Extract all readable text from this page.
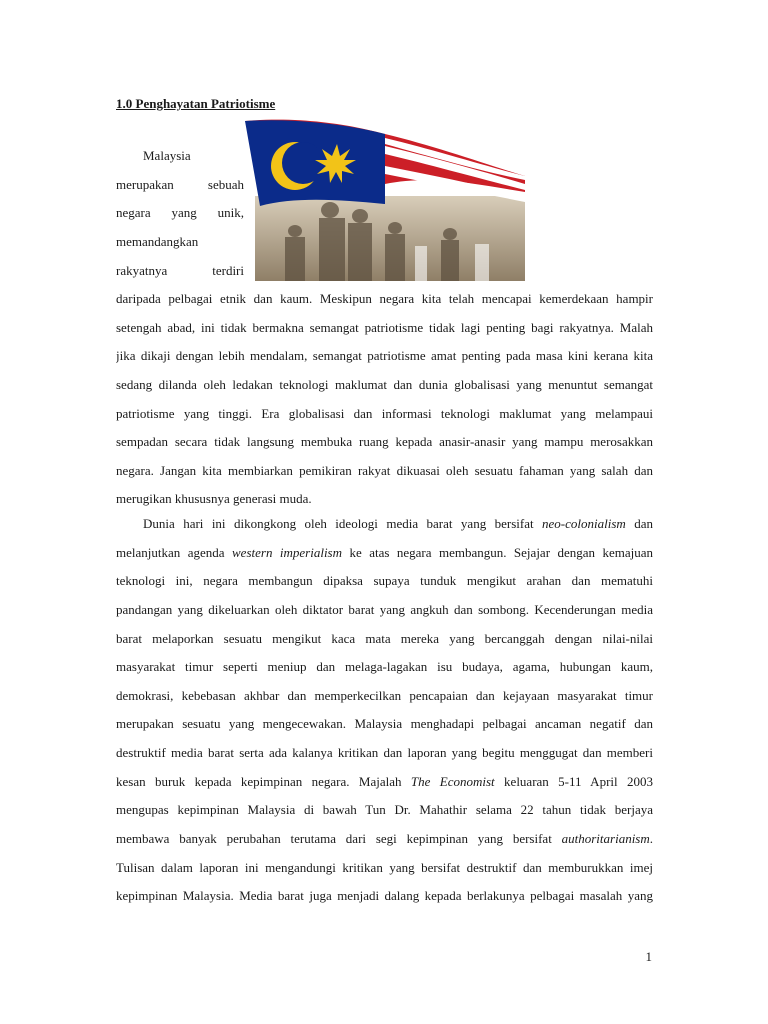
1.0 Penghayatan Patriotisme
Malaysia
merupakan	sebuah
negara yang unik,
memandangkan
rakyatnya	terdiri
daripada pelbagai etnik dan kaum. Meskipun negara kita telah mencapai kemerdekaan hampir
setengah abad, ini tidak bermakna semangat patriotisme tidak lagi penting bagi rakyatnya. Malah
jika dikaji dengan lebih mendalam, semangat patriotisme amat penting pada masa kini kerana kita
sedang dilanda oleh ledakan teknologi maklumat dan dunia globalisasi yang menuntut semangat
patriotisme yang tinggi. Era globalisasi dan informasi teknologi maklumat yang melampaui
sempadan secara tidak langsung membuka ruang kepada anasir-anasir yang mampu merosakkan
negara. Jangan kita membiarkan pemikiran rakyat dikuasai oleh sesuatu fahaman yang salah dan
merugikan khususnya generasi muda.
Dunia hari ini dikongkong oleh ideologi media barat yang bersifat neo-colonialism dan
melanjutkan agenda western imperialism ke atas negara membangun. Sejajar dengan kemajuan
teknologi ini, negara membangun dipaksa supaya tunduk mengikut arahan dan mematuhi
pandangan yang dikeluarkan oleh diktator barat yang angkuh dan sombong. Kecenderungan media
barat melaporkan sesuatu mengikut kaca mata mereka yang bercanggah dengan nilai-nilai
masyarakat timur seperti meniup dan melaga-lagakan isu budaya, agama, hubungan kaum,
demokrasi, kebebasan akhbar dan memperkecilkan pencapaian dan kejayaan masyarakat timur
merupakan sesuatu yang mengecewakan. Malaysia menghadapi pelbagai ancaman negatif dan
destruktif media barat serta ada kalanya kritikan dan laporan yang begitu menggugat dan memberi
kesan buruk kepada kepimpinan negara. Majalah The Economist keluaran 5-11 April 2003
mengupas kepimpinan Malaysia di bawah Tun Dr. Mahathir selama 22 tahun tidak berjaya
membawa banyak perubahan terutama dari segi kepimpinan yang bersifat authoritarianism.
Tulisan dalam laporan ini mengandungi kritikan yang bersifat destruktif dan memburukkan imej
kepimpinan Malaysia. Media barat juga menjadi dalang kepada berlakunya pelbagai masalah yang
1
